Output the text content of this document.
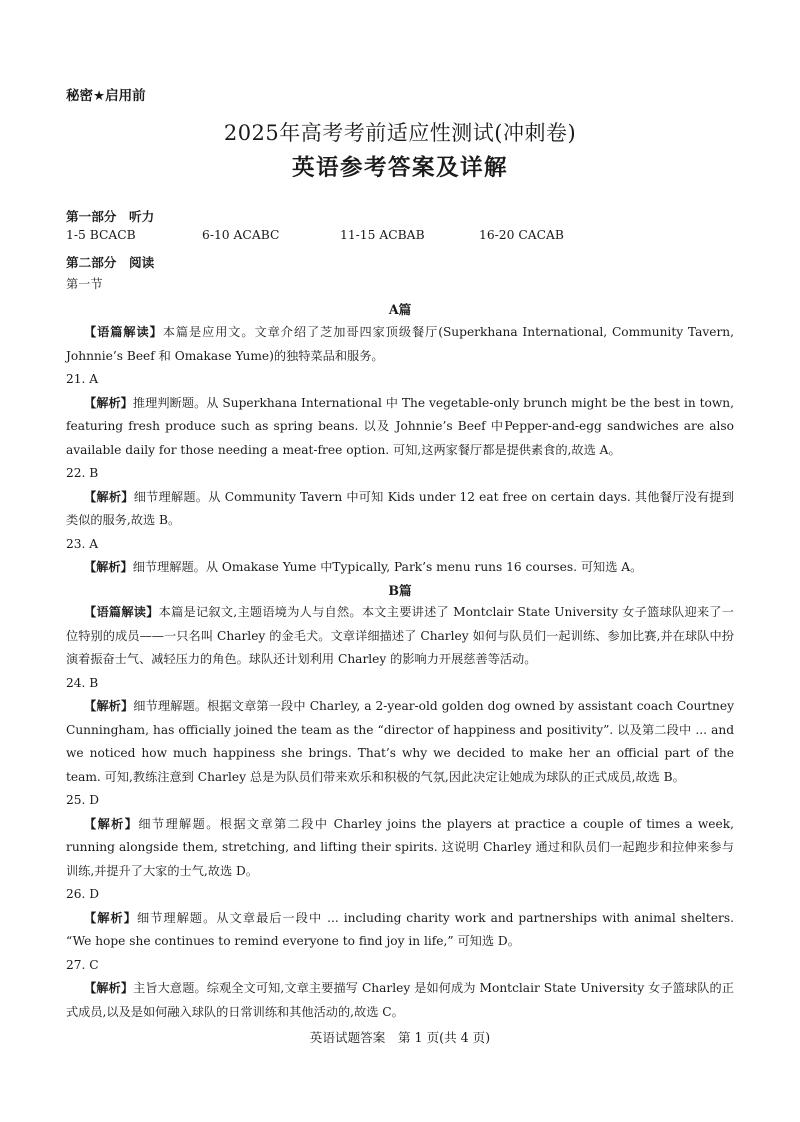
秘密★启用前
2025年高考考前适应性测试(冲刺卷)
英语参考答案及详解
第一部分　听力
1-5 BCACB	6-10 ACABC	11-15 ACBAB	16-20 CACAB
第二部分　阅读
第一节
A篇

【语篇解读】本篇是应用文。文章介绍了芝加哥四家顶级餐厅(Superkhana International, Community Tavern, Johnnie’s Beef 和 Omakase Yume)的独特菜品和服务。

21. A

【解析】推理判断题。从 Superkhana International 中 The vegetable-only brunch might be the best in town, featuring fresh produce such as spring beans. 以及 Johnnie’s Beef 中Pepper-and-egg sandwiches are also available daily for those needing a meat-free option. 可知,这两家餐厅都是提供素食的,故选 A。

22. B

【解析】细节理解题。从 Community Tavern 中可知 Kids under 12 eat free on certain days. 其他餐厅没有提到类似的服务,故选 B。

23. A

【解析】细节理解题。从 Omakase Yume 中Typically, Park’s menu runs 16 courses. 可知选 A。

B篇

【语篇解读】本篇是记叙文,主题语境为人与自然。本文主要讲述了 Montclair State University 女子篮球队迎来了一位特别的成员——一只名叫 Charley 的金毛犬。文章详细描述了 Charley 如何与队员们一起训练、参加比赛,并在球队中扮演着振奋士气、减轻压力的角色。球队还计划利用 Charley 的影响力开展慈善等活动。

24. B

【解析】细节理解题。根据文章第一段中 Charley, a 2-year-old golden dog owned by assistant coach Courtney Cunningham, has officially joined the team as the “director of happiness and positivity”. 以及第二段中 ... and we noticed how much happiness she brings. That’s why we decided to make her an official part of the team. 可知,教练注意到 Charley 总是为队员们带来欢乐和积极的气氛,因此决定让她成为球队的正式成员,故选 B。

25. D

【解析】细节理解题。根据文章第二段中 Charley joins the players at practice a couple of times a week, running alongside them, stretching, and lifting their spirits. 这说明 Charley 通过和队员们一起跑步和拉伸来参与训练,并提升了大家的士气,故选 D。

26. D

【解析】细节理解题。从文章最后一段中 ... including charity work and partnerships with animal shelters. “We hope she continues to remind everyone to find joy in life,” 可知选 D。

27. C

【解析】主旨大意题。综观全文可知,文章主要描写 Charley 是如何成为 Montclair State University 女子篮球队的正式成员,以及是如何融入球队的日常训练和其他活动的,故选 C。

英语试题答案　第 1 页(共 4 页)
